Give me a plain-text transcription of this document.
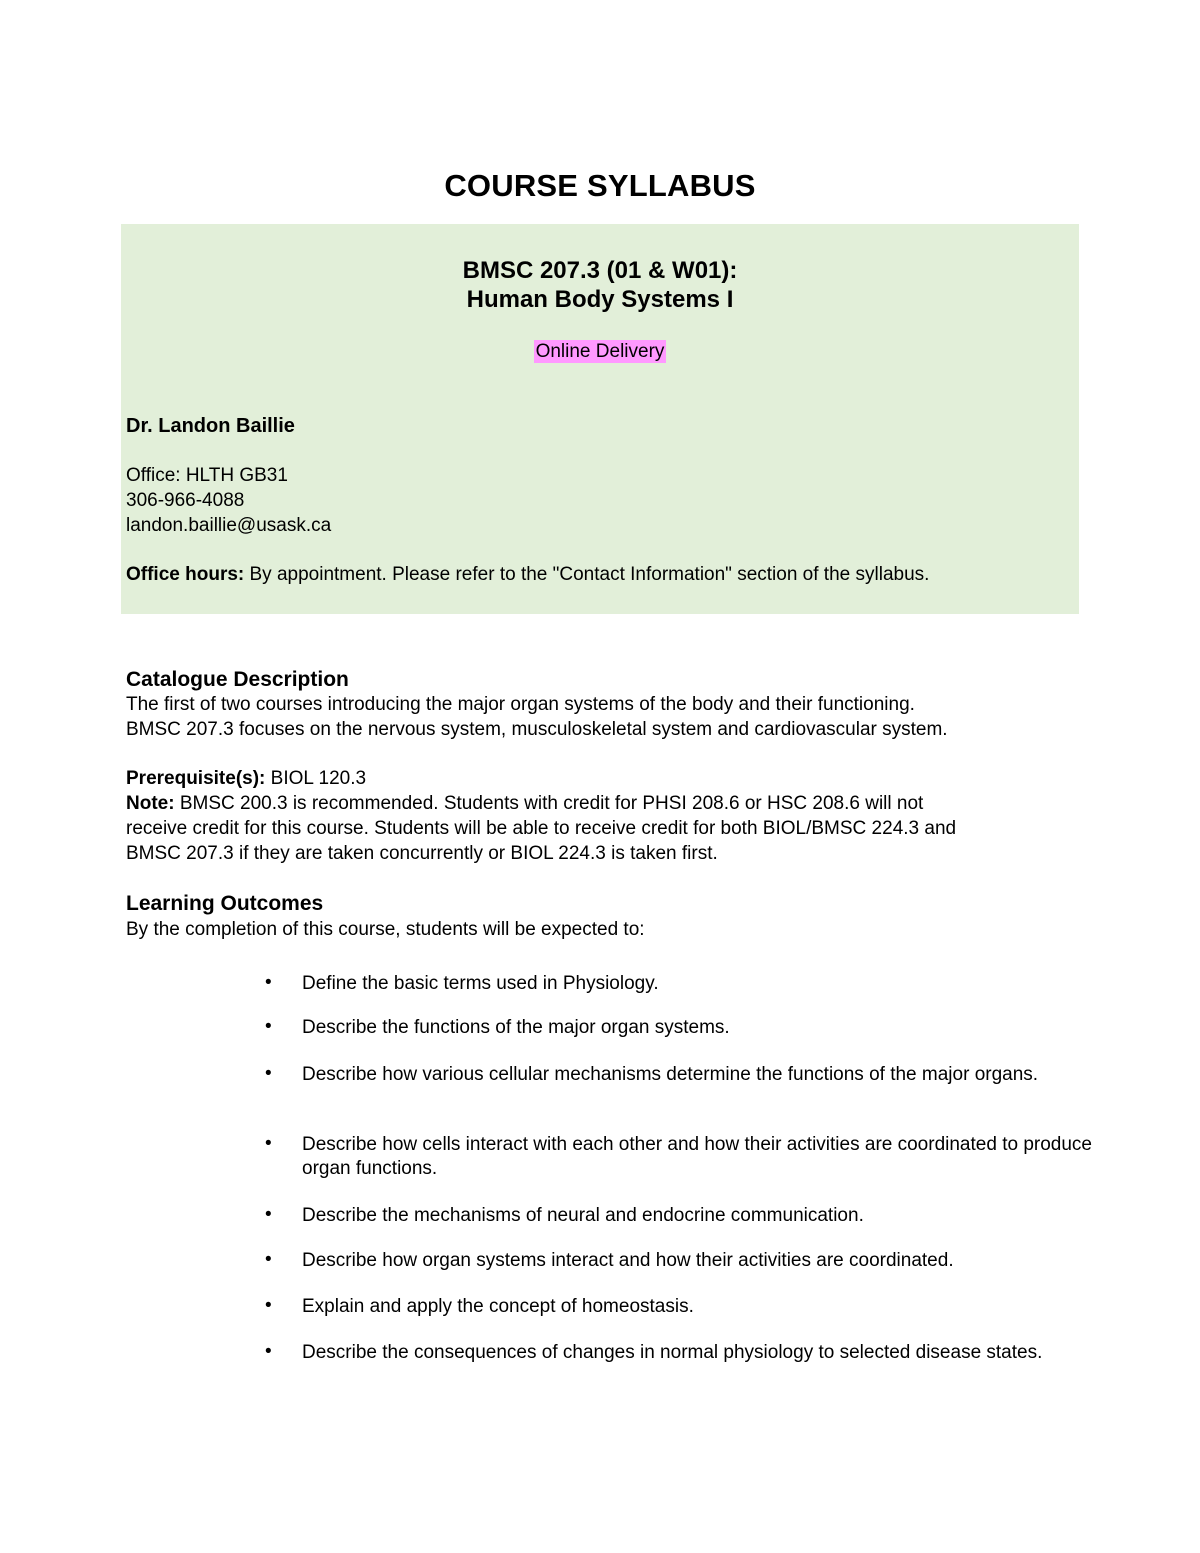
COURSE SYLLABUS
BMSC 207.3 (01 & W01):
Human Body Systems I
Online Delivery
Dr. Landon Baillie
Office: HLTH GB31
306-966-4088
landon.baillie@usask.ca
Office hours: By appointment. Please refer to the "Contact Information" section of the syllabus.
Catalogue Description
The first of two courses introducing the major organ systems of the body and their functioning.
BMSC 207.3 focuses on the nervous system, musculoskeletal system and cardiovascular system.
Prerequisite(s): BIOL 120.3
Note: BMSC 200.3 is recommended. Students with credit for PHSI 208.6 or HSC 208.6 will not
receive credit for this course. Students will be able to receive credit for both BIOL/BMSC 224.3 and
BMSC 207.3 if they are taken concurrently or BIOL 224.3 is taken first.
Learning Outcomes
By the completion of this course, students will be expected to:
• Define the basic terms used in Physiology.
• Describe the functions of the major organ systems.
• Describe how various cellular mechanisms determine the functions of the major organs.
• Describe how cells interact with each other and how their activities are coordinated to produce organ functions.
• Describe the mechanisms of neural and endocrine communication.
• Describe how organ systems interact and how their activities are coordinated.
• Explain and apply the concept of homeostasis.
• Describe the consequences of changes in normal physiology to selected disease states.
